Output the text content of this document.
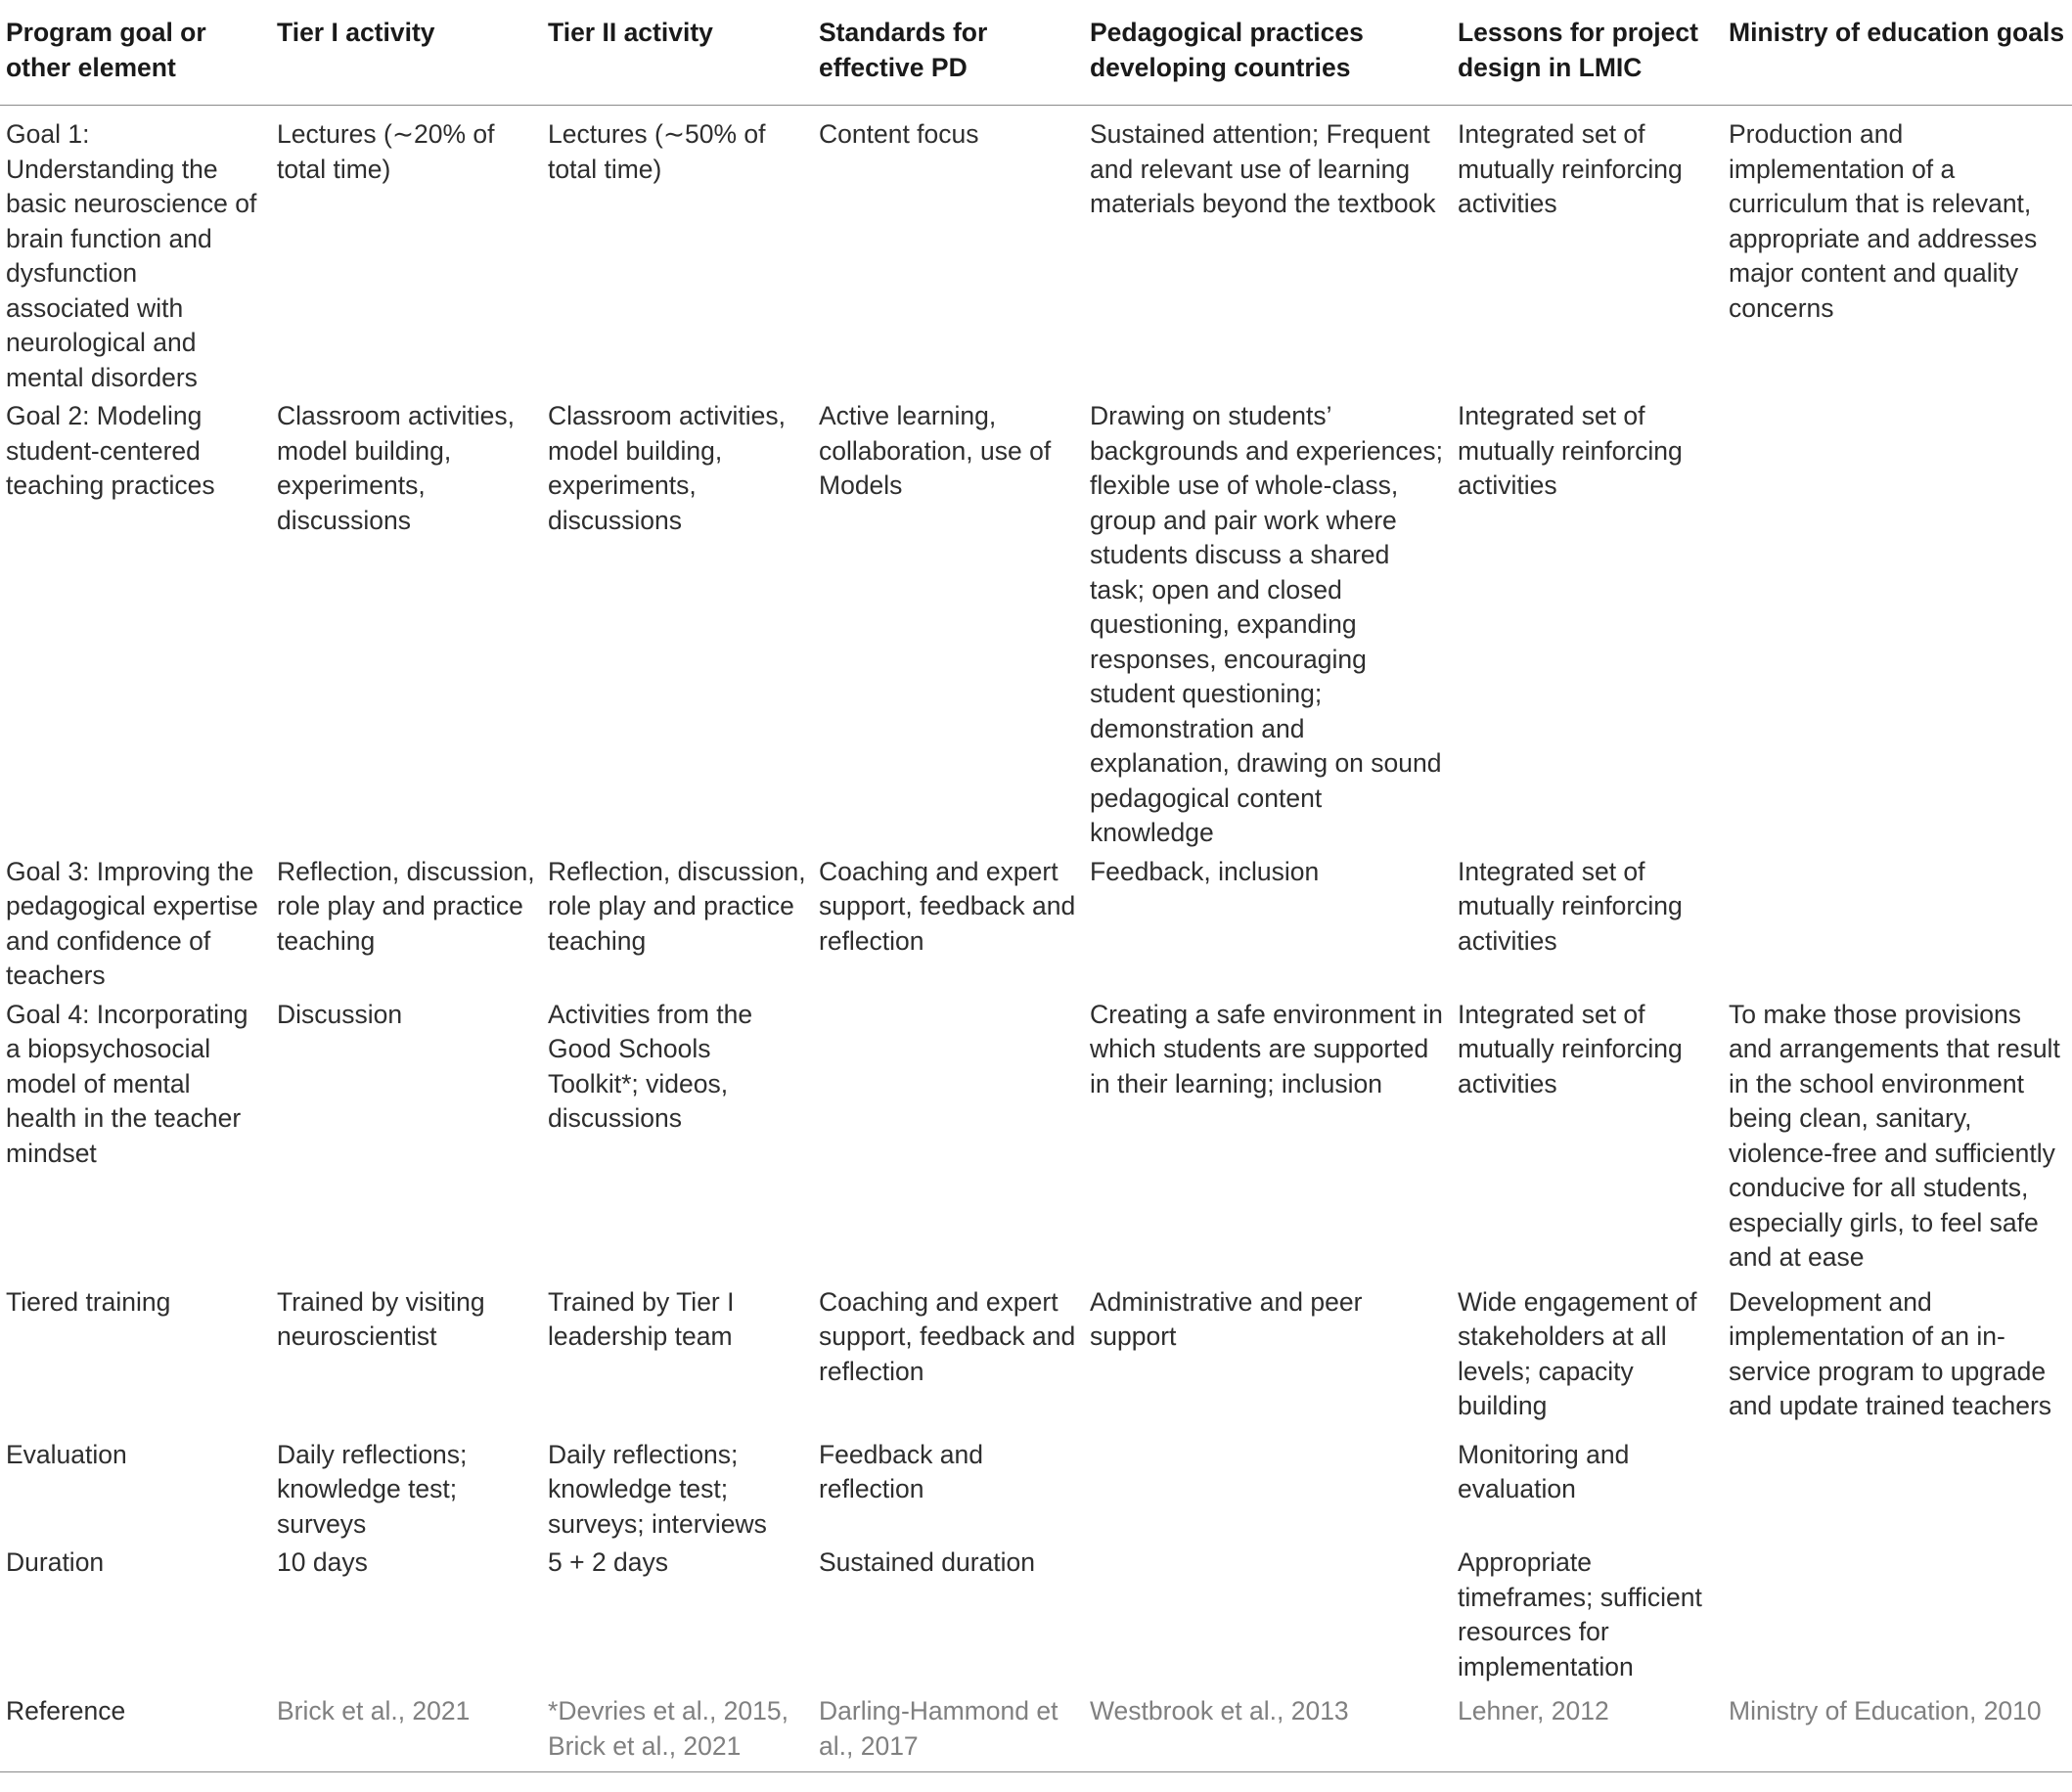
Program goal or other element	Tier I activity	Tier II activity	Standards for effective PD	Pedagogical practices developing countries	Lessons for project design in LMIC	Ministry of education goals
Goal 1: Understanding the basic neuroscience of brain function and dysfunction associated with neurological and mental disorders	Lectures (∼20% of total time)	Lectures (∼50% of total time)	Content focus	Sustained attention; Frequent and relevant use of learning materials beyond the textbook	Integrated set of mutually reinforcing activities	Production and implementation of a curriculum that is relevant, appropriate and addresses major content and quality concerns
Goal 2: Modeling student-centered teaching practices	Classroom activities, model building, experiments, discussions	Classroom activities, model building, experiments, discussions	Active learning, collaboration, use of Models	Drawing on students’ backgrounds and experiences; flexible use of whole-class, group and pair work where students discuss a shared task; open and closed questioning, expanding responses, encouraging student questioning; demonstration and explanation, drawing on sound pedagogical content knowledge	Integrated set of mutually reinforcing activities	
Goal 3: Improving the pedagogical expertise and confidence of teachers	Reflection, discussion, role play and practice teaching	Reflection, discussion, role play and practice teaching	Coaching and expert support, feedback and reflection	Feedback, inclusion	Integrated set of mutually reinforcing activities	
Goal 4: Incorporating a biopsychosocial model of mental health in the teacher mindset	Discussion	Activities from the Good Schools Toolkit*; videos, discussions		Creating a safe environment in which students are supported in their learning; inclusion	Integrated set of mutually reinforcing activities	To make those provisions and arrangements that result in the school environment being clean, sanitary, violence-free and sufficiently conducive for all students, especially girls, to feel safe and at ease
Tiered training	Trained by visiting neuroscientist	Trained by Tier I leadership team	Coaching and expert support, feedback and reflection	Administrative and peer support	Wide engagement of stakeholders at all levels; capacity building	Development and implementation of an in-service program to upgrade and update trained teachers
Evaluation	Daily reflections; knowledge test; surveys	Daily reflections; knowledge test; surveys; interviews	Feedback and reflection		Monitoring and evaluation	
Duration	10 days	5 + 2 days	Sustained duration		Appropriate timeframes; sufficient resources for implementation	
Reference	Brick et al., 2021	*Devries et al., 2015, Brick et al., 2021	Darling-Hammond et al., 2017	Westbrook et al., 2013	Lehner, 2012	Ministry of Education, 2010
